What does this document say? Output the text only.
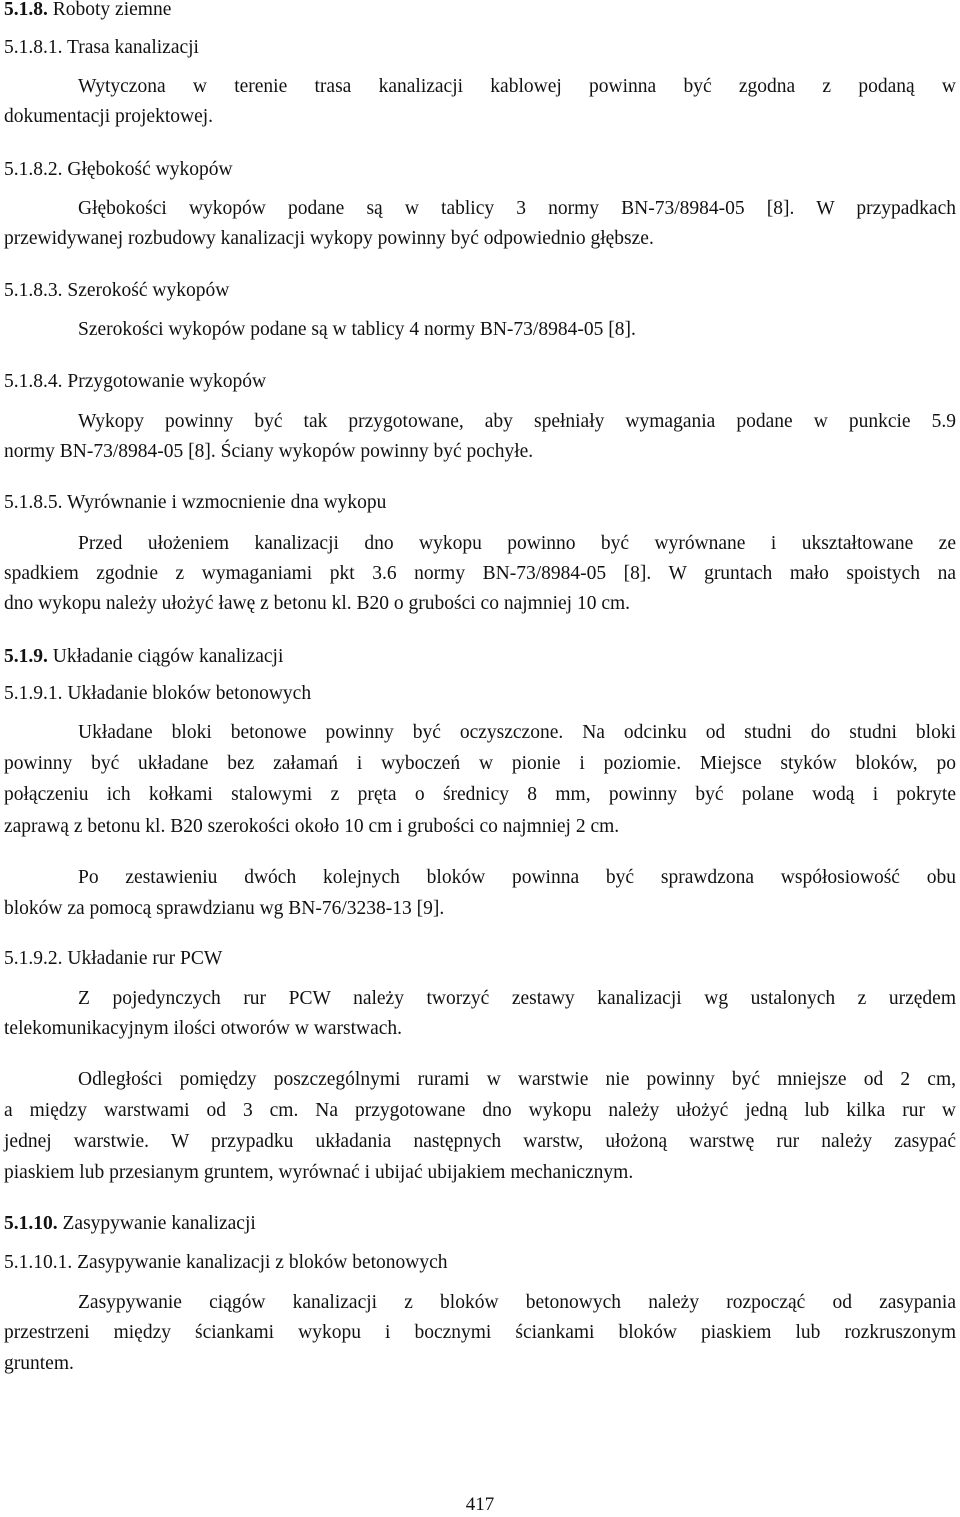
5.1.8. Roboty ziemne
5.1.8.1. Trasa kanalizacji
Wytyczona w terenie trasa kanalizacji kablowej powinna być zgodna z podaną w
dokumentacji projektowej.
5.1.8.2. Głębokość wykopów
Głębokości wykopów podane są w tablicy 3 normy BN-73/8984-05 [8]. W przypadkach
przewidywanej rozbudowy kanalizacji wykopy powinny być odpowiednio głębsze.
5.1.8.3. Szerokość wykopów
Szerokości wykopów podane są w tablicy 4 normy BN-73/8984-05 [8].
5.1.8.4. Przygotowanie wykopów
Wykopy powinny być tak przygotowane, aby spełniały wymagania podane w punkcie 5.9
normy BN-73/8984-05 [8]. Ściany wykopów powinny być pochyłe.
5.1.8.5. Wyrównanie i wzmocnienie dna wykopu
Przed ułożeniem kanalizacji dno wykopu powinno być wyrównane i ukształtowane ze
spadkiem zgodnie z wymaganiami pkt 3.6 normy BN-73/8984-05 [8]. W gruntach mało spoistych na
dno wykopu należy ułożyć ławę z betonu kl. B20 o grubości co najmniej 10 cm.
5.1.9. Układanie ciągów kanalizacji
5.1.9.1. Układanie bloków betonowych
Układane bloki betonowe powinny być oczyszczone. Na odcinku od studni do studni bloki
powinny być układane bez załamań i wyboczeń w pionie i poziomie. Miejsce styków bloków, po
połączeniu ich kołkami stalowymi z pręta o średnicy 8 mm, powinny być polane wodą i pokryte
zaprawą z betonu kl. B20 szerokości około 10 cm i grubości co najmniej 2 cm.
Po zestawieniu dwóch kolejnych bloków powinna być sprawdzona współosiowość obu
bloków za pomocą sprawdzianu wg BN-76/3238-13 [9].
5.1.9.2. Układanie rur PCW
Z pojedynczych rur PCW należy tworzyć zestawy kanalizacji wg ustalonych z urzędem
telekomunikacyjnym ilości otworów w warstwach.
Odległości pomiędzy poszczególnymi rurami w warstwie nie powinny być mniejsze od 2 cm,
a między warstwami od 3 cm. Na przygotowane dno wykopu należy ułożyć jedną lub kilka rur w
jednej warstwie. W przypadku układania następnych warstw, ułożoną warstwę rur należy zasypać
piaskiem lub przesianym gruntem, wyrównać i ubijać ubijakiem mechanicznym.
5.1.10. Zasypywanie kanalizacji
5.1.10.1. Zasypywanie kanalizacji z bloków betonowych
Zasypywanie ciągów kanalizacji z bloków betonowych należy rozpocząć od zasypania
przestrzeni między ściankami wykopu i bocznymi ściankami bloków piaskiem lub rozkruszonym
gruntem.
417
